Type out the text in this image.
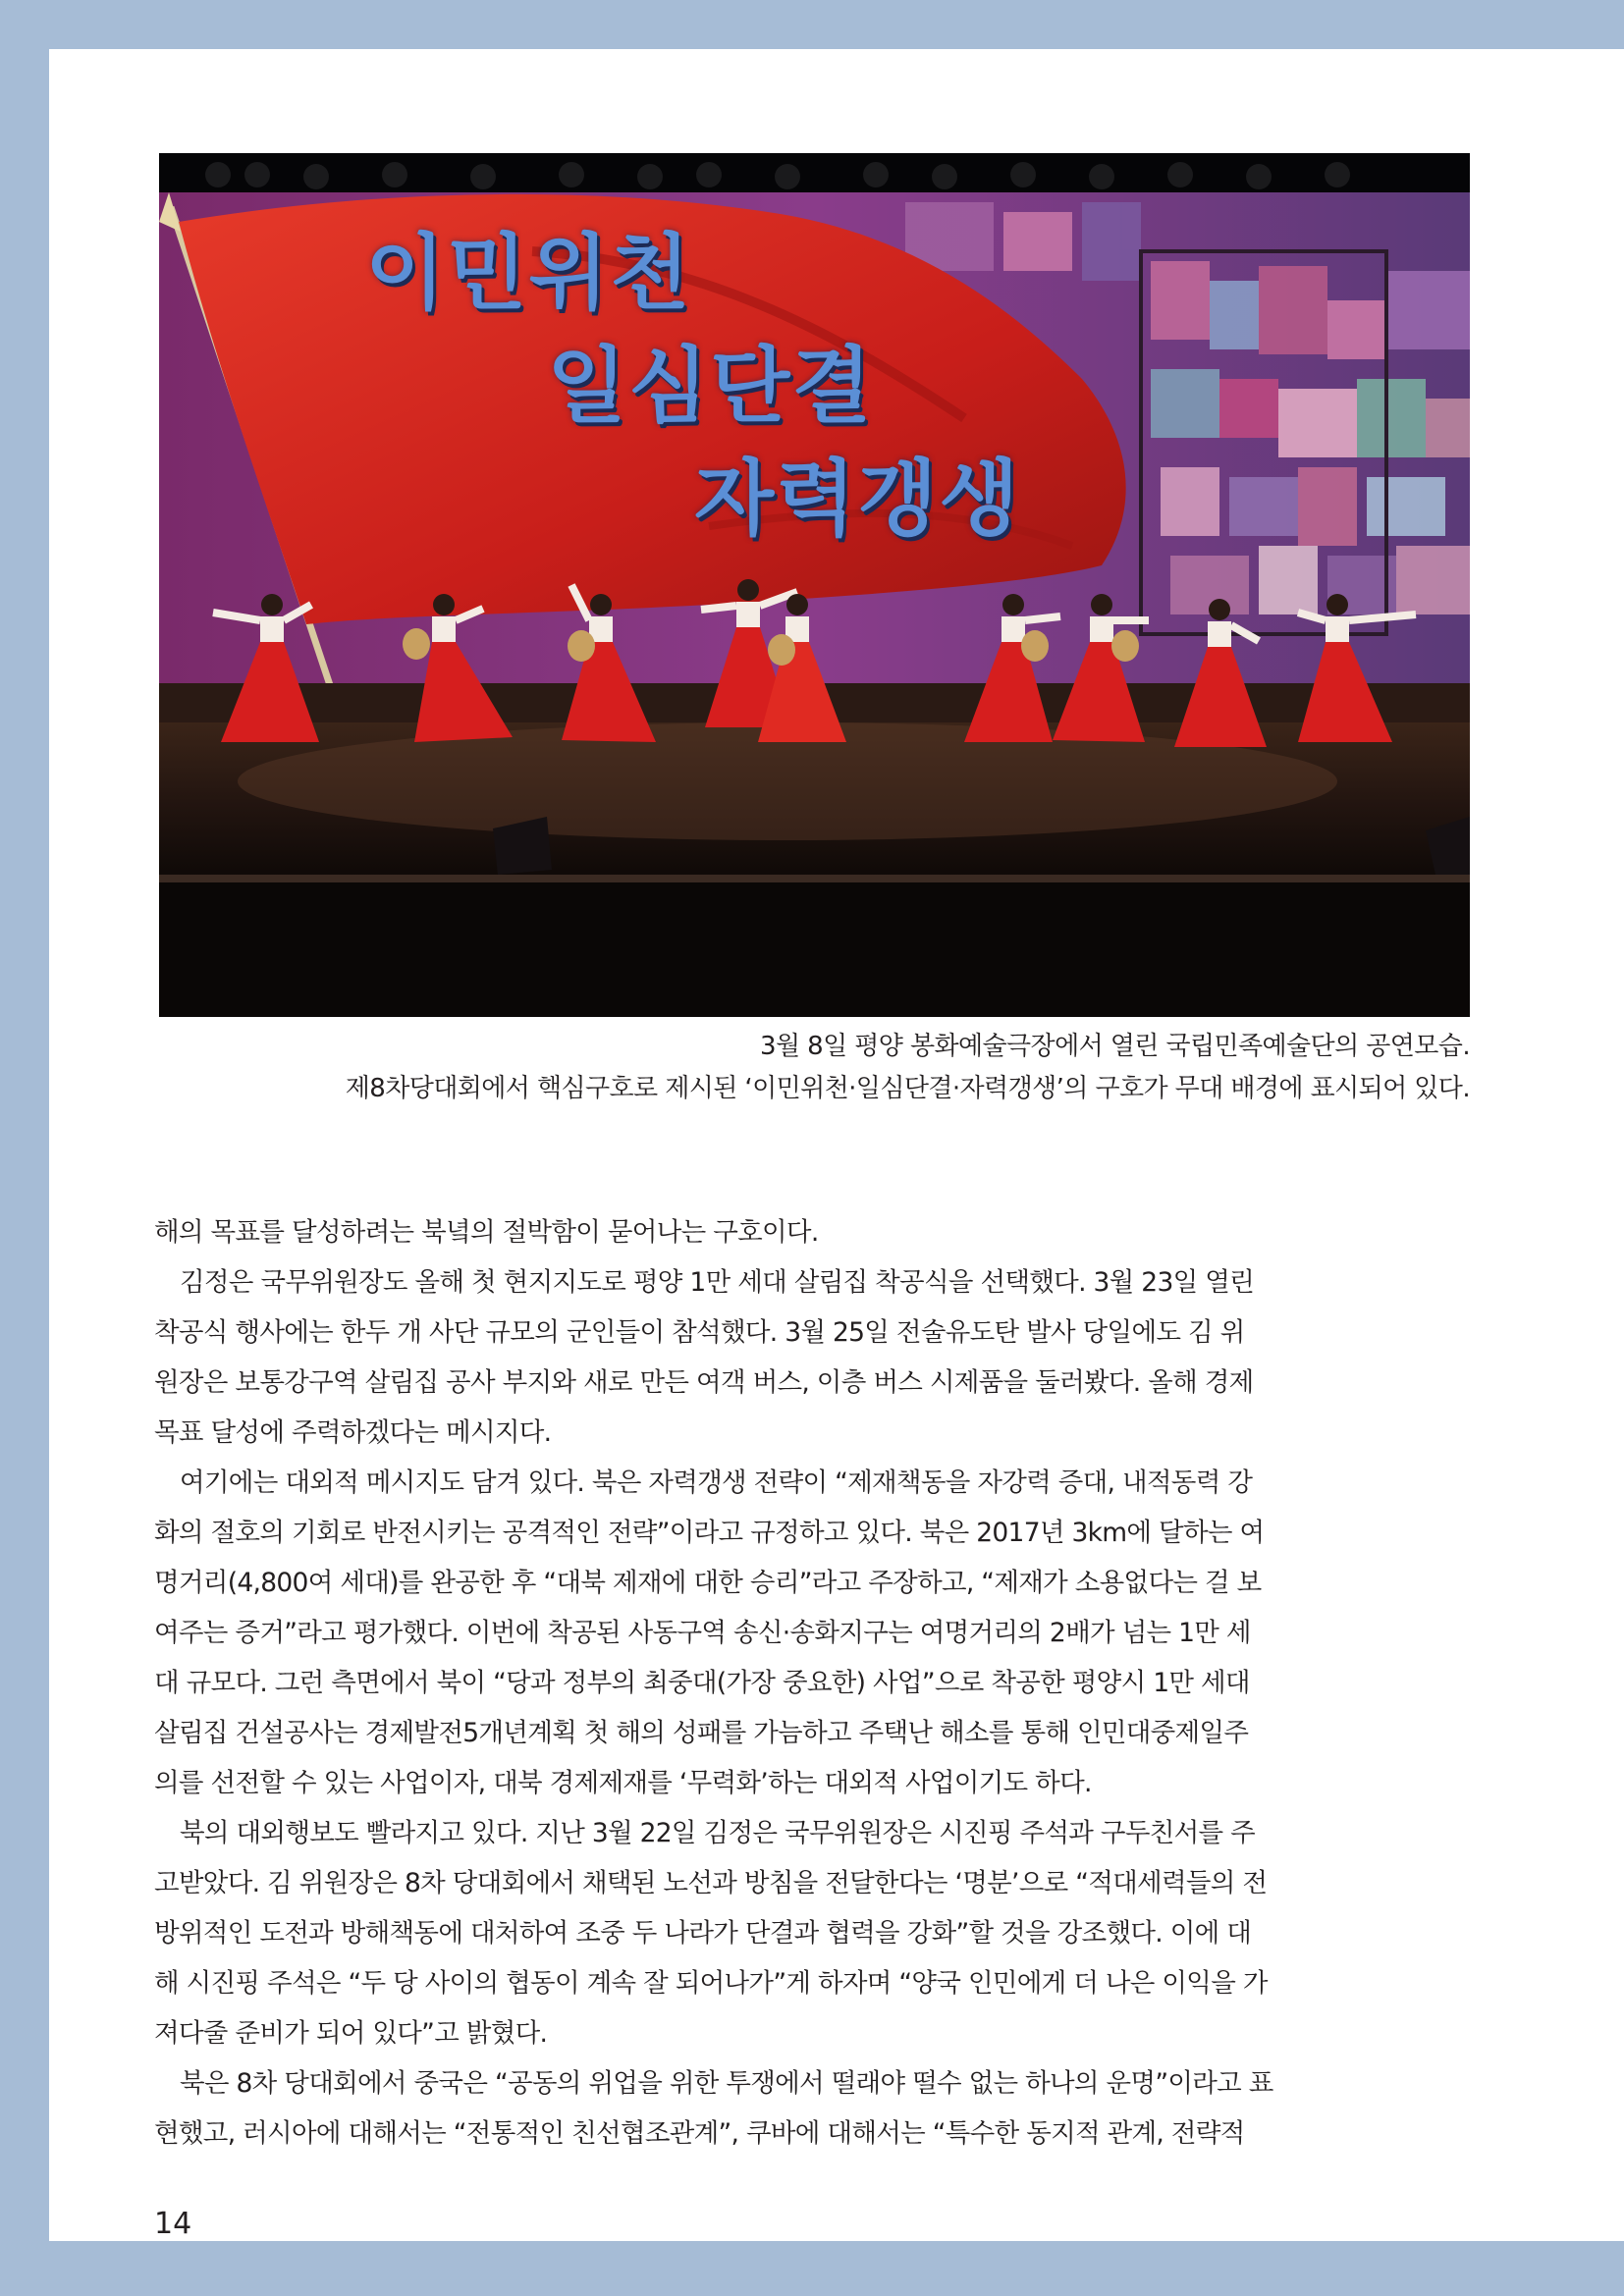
이민위천
일심단결
자력갱생
3월 8일 평양 봉화예술극장에서 열린 국립민족예술단의 공연모습.
제8차당대회에서 핵심구호로 제시된 ‘이민위천·일심단결·자력갱생’의 구호가 무대 배경에 표시되어 있다.
해의 목표를 달성하려는 북녘의 절박함이 묻어나는 구호이다.
김정은 국무위원장도 올해 첫 현지지도로 평양 1만 세대 살림집 착공식을 선택했다. 3월 23일 열린
착공식 행사에는 한두 개 사단 규모의 군인들이 참석했다. 3월 25일 전술유도탄 발사 당일에도 김 위
원장은 보통강구역 살림집 공사 부지와 새로 만든 여객 버스, 이층 버스 시제품을 둘러봤다. 올해 경제
목표 달성에 주력하겠다는 메시지다.
여기에는 대외적 메시지도 담겨 있다. 북은 자력갱생 전략이 “제재책동을 자강력 증대, 내적동력 강
화의 절호의 기회로 반전시키는 공격적인 전략”이라고 규정하고 있다. 북은 2017년 3km에 달하는 여
명거리(4,800여 세대)를 완공한 후 “대북 제재에 대한 승리”라고 주장하고, “제재가 소용없다는 걸 보
여주는 증거”라고 평가했다. 이번에 착공된 사동구역 송신·송화지구는 여명거리의 2배가 넘는 1만 세
대 규모다. 그런 측면에서 북이 “당과 정부의 최중대(가장 중요한) 사업”으로 착공한 평양시 1만 세대
살림집 건설공사는 경제발전5개년계획 첫 해의 성패를 가늠하고 주택난 해소를 통해 인민대중제일주
의를 선전할 수 있는 사업이자, 대북 경제제재를 ‘무력화’하는 대외적 사업이기도 하다.
북의 대외행보도 빨라지고 있다. 지난 3월 22일 김정은 국무위원장은 시진핑 주석과 구두친서를 주
고받았다. 김 위원장은 8차 당대회에서 채택된 노선과 방침을 전달한다는 ‘명분’으로 “적대세력들의 전
방위적인 도전과 방해책동에 대처하여 조중 두 나라가 단결과 협력을 강화”할 것을 강조했다. 이에 대
해 시진핑 주석은 “두 당 사이의 협동이 계속 잘 되어나가”게 하자며 “양국 인민에게 더 나은 이익을 가
져다줄 준비가 되어 있다”고 밝혔다.
북은 8차 당대회에서 중국은 “공동의 위업을 위한 투쟁에서 떨래야 떨수 없는 하나의 운명”이라고 표
현했고, 러시아에 대해서는 “전통적인 친선협조관계”, 쿠바에 대해서는 “특수한 동지적 관계, 전략적
14
